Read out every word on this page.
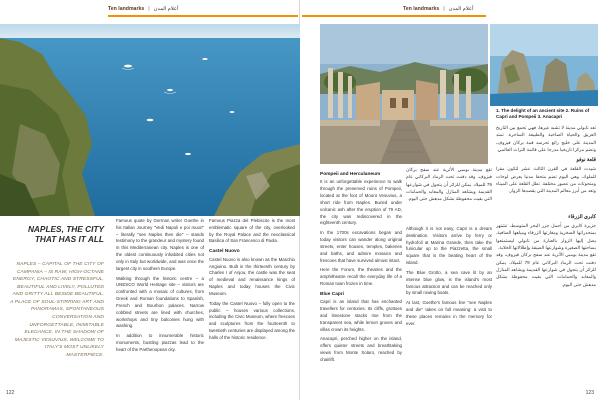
Ten landmarks | أعلام المدن
NAPLES, THE CITY THAT HAS IT ALL
NAPLES – CAPITAL OF THE CITY OF CAMPANIA – IS RAW, HIGH-OCTANE ENERGY, CHAOTIC AND STRESSFUL, BEAUTIFUL AND LIVELY, POLLUTED AND GRITTY ALL BESIDE BEAUTIFUL. A PLACE OF SOUL-STIRRING ART AND PANORAMAS, SPONTANEOUS CONVERSATION AND UNFORGETTABLE, INIMITABLE ELEGANCE. IN THE SHADOW OF MAJESTIC VESUVIUS, WELCOME TO ITALY'S MOST UNLIKELY MASTERPIECE.

Famous quote by German writer Goethe in his Italian Journey "Vedi Napoli e poi muori" – literally "see Naples then die" – stands testimony to the grandeur and mystery found in this Mediterranean city. Naples is one of the oldest continuously inhabited cities not only in Italy but worldwide, and was once the largest city in southern Europe.

Walking through the historic centre – a UNESCO World Heritage site – visitors are confronted with a mosaic of cultures, from Greek and Roman foundations to Spanish, French and Bourbon palaces. Narrow cobbled streets are lined with churches, workshops and tiny balconies hung with washing.

In addition to innumerable historic monuments, bustling piazzas lead to the heart of the Parthenopean city.

Famous Piazza del Plebiscito is the most emblematic square of the city, overlooked by the Royal Palace and the neoclassical Basilica of San Francesco di Paola.

Castel Nuovo

Castel Nuovo is also known as the Maschio Angioino. Built in the thirteenth century by Charles I of Anjou, the castle was the seat of medieval and renaissance kings of Naples and today houses the Civic Museum.

Today the Castel Nuovo – fully open to the public – houses various collections, including the Civic Museum, where frescoes and sculptures from the fourteenth to twentieth centuries are displayed among the halls of the historic residence.

122
Ten landmarks | أعلام المدن
1. The delight of an ancient site 2. Ruins of Capri and Pompeii 3. Anacapri

تعد نابولي مدينة لا تشبه غيرها، فهي تجمع بين التاريخ العريق والحياة الصاخبة والطبيعة الساحرة. تمتد المدينة على خليج رائع تحرسه قمة بركان فيزوف، وتضم مركزا تاريخيا مدرجا على قائمة التراث العالمي.

قلعة نوفو

شيدت القلعة في القرن الثالث عشر لتكون مقرا للملوك، وهي اليوم تضم متحفا مدنيا يعرض لوحات ومنحوتات من عصور مختلفة. تطل القلعة على الميناء وتعد من أبرز معالم المدينة التي يقصدها الزوار.

تقع مدينة بومبي الأثرية عند سفح بركان فيزوف، وقد دفنت تحت الرماد البركاني عام 79 للميلاد. يمكن للزائر أن يتجول في شوارعها القديمة ويشاهد المنازل والمعابد والحمامات التي بقيت محفوظة بشكل مدهش حتى اليوم.

Pompeii and Herculaneum

It is an unforgettable experience to walk through the preserved ruins of Pompeii, located at the foot of Mount Vesuvius, a short ride from Naples. Buried under volcanic ash after the eruption of 79 AD, the city was rediscovered in the eighteenth century.

In the 1700s excavations began and today visitors can wander along original streets, enter houses, temples, bakeries and baths, and admire mosaics and frescoes that have survived almost intact.

Here the Forum, the theatres and the amphitheatre recall the everyday life of a Roman town frozen in time.

Blue Capri

Capri is an island that has enchanted travellers for centuries. Its cliffs, grottoes and limestone stacks rise from the transparent sea, while lemon groves and villas crown its heights.

Anacapri, perched higher on the island, offers quieter streets and breathtaking views from Monte Solaro, reached by chairlift.

Although it is not easy, Capri is a dream destination. Visitors arrive by ferry or hydrofoil at Marina Grande, then take the funicular up to the Piazzetta, the small square that is the beating heart of the island.

The Blue Grotto, a sea cave lit by an intense blue glow, is the island's most famous attraction and can be reached only by small rowing boats.

At last, Goethe's famous line "see Naples and die" takes on full meaning: a visit to these places remains in the memory for ever.

كابري الزرقاء

جزيرة كابري من أجمل جزر البحر المتوسط، تشتهر بمنحدراتها الصخرية ومغارتها الزرقاء ومياهها الصافية. يصل إليها الزوار بالعبارة من نابولي ليستمتعوا بساحتها الصغيرة وشوارعها الضيقة وإطلالاتها الخلابة.

تقع مدينة بومبي الأثرية عند سفح بركان فيزوف، وقد دفنت تحت الرماد البركاني عام 79 للميلاد. يمكن للزائر أن يتجول في شوارعها القديمة ويشاهد المنازل والمعابد والحمامات التي بقيت محفوظة بشكل مدهش حتى اليوم.

123
